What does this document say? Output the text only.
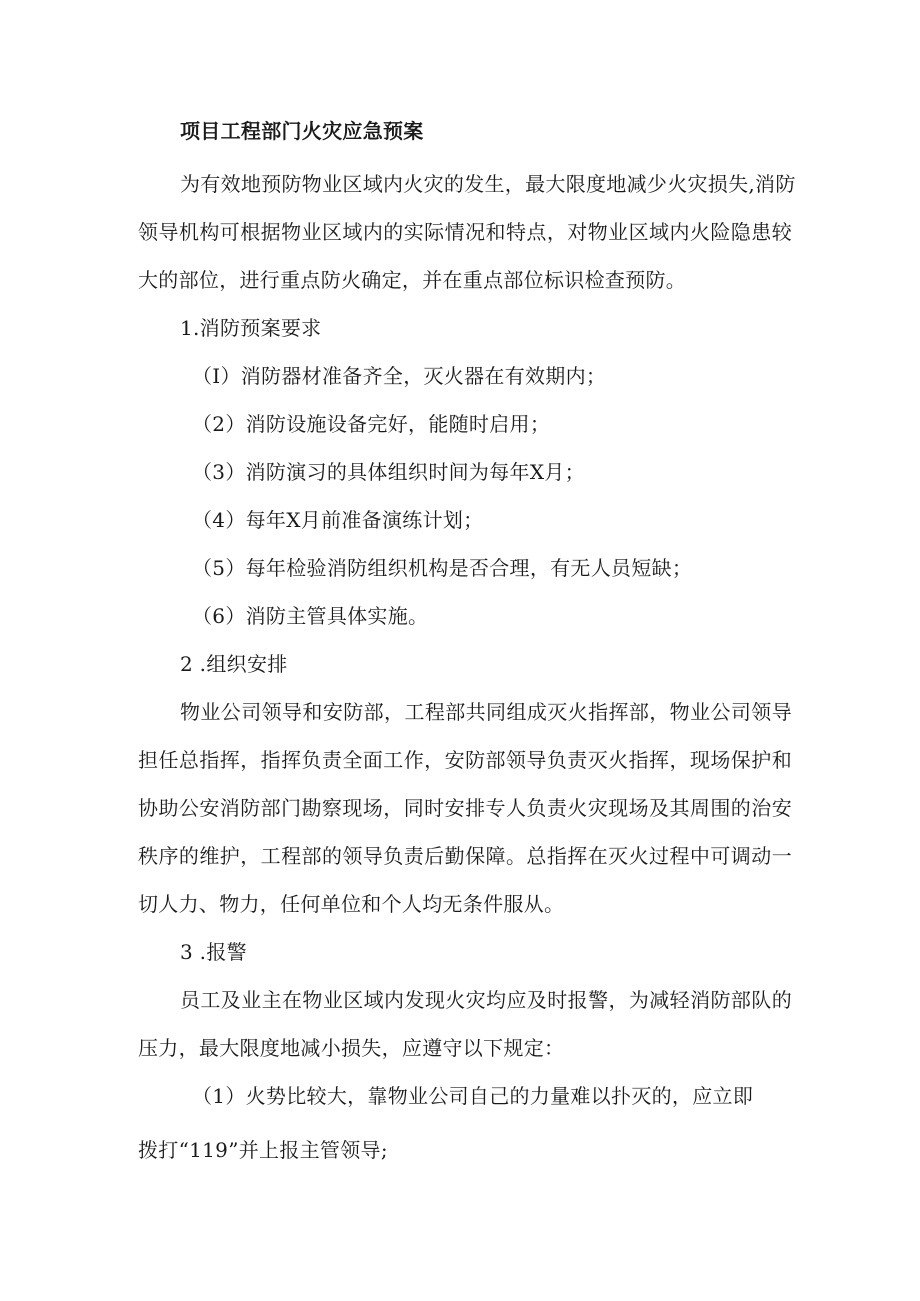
项目工程部门火灾应急预案
为有效地预防物业区域内火灾的发生，最大限度地减少火灾损失,消防
领导机构可根据物业区域内的实际情况和特点，对物业区域内火险隐患较
大的部位，进行重点防火确定，并在重点部位标识检查预防。
1.消防预案要求
（I）消防器材准备齐全，灭火器在有效期内；
（2）消防设施设备完好，能随时启用；
（3）消防演习的具体组织时间为每年X月；
（4）每年X月前准备演练计划；
（5）每年检验消防组织机构是否合理，有无人员短缺；
（6）消防主管具体实施。
2 .组织安排
物业公司领导和安防部，工程部共同组成灭火指挥部，物业公司领导
担任总指挥，指挥负责全面工作，安防部领导负责灭火指挥，现场保护和
协助公安消防部门勘察现场，同时安排专人负责火灾现场及其周围的治安
秩序的维护，工程部的领导负责后勤保障。总指挥在灭火过程中可调动一
切人力、物力，任何单位和个人均无条件服从。
3 .报警
员工及业主在物业区域内发现火灾均应及时报警，为减轻消防部队的
压力，最大限度地减小损失，应遵守以下规定：
（1）火势比较大，靠物业公司自己的力量难以扑灭的，应立即
拨打“119”并上报主管领导;
